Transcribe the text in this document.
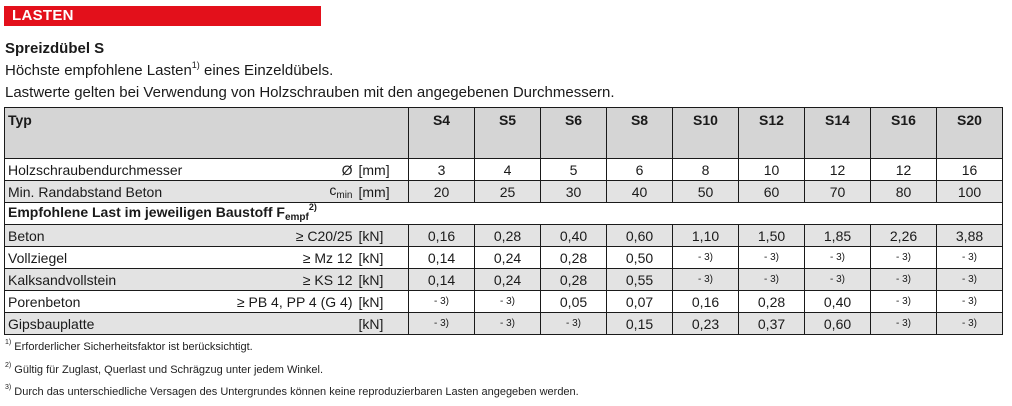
LASTEN
Spreizdübel S
Höchste empfohlene Lasten$^{1)}$ eines Einzeldübels.
Lastwerte gelten bei Verwendung von Holzschrauben mit den angegebenen Durchmessern.
Typ			S4	S5	S6	S8	S10	S12	S14	S16	S20
Holzschraubendurchmesser	Ø	[mm]	3	4	5	6	8	10	12	12	16
Min. Randabstand Beton	$c_{min}$	[mm]	20	25	30	40	50	60	70	80	100
Empfohlene Last im jeweiligen Baustoff $F_{empf}^{2)}$
Beton	≥ C20/25	[kN]	0,16	0,28	0,40	0,60	1,10	1,50	1,85	2,26	3,88
Vollziegel	≥ Mz 12	[kN]	0,14	0,24	0,28	0,50	- 3)	- 3)	- 3)	- 3)	- 3)
Kalksandvollstein	≥ KS 12	[kN]	0,14	0,24	0,28	0,55	- 3)	- 3)	- 3)	- 3)	- 3)
Porenbeton	≥ PB 4, PP 4 (G 4)	[kN]	- 3)	- 3)	0,05	0,07	0,16	0,28	0,40	- 3)	- 3)
Gipsbauplatte		[kN]	- 3)	- 3)	- 3)	0,15	0,23	0,37	0,60	- 3)	- 3)
$^{1)}$ Erforderlicher Sicherheitsfaktor ist berücksichtigt.
$^{2)}$ Gültig für Zuglast, Querlast und Schrägzug unter jedem Winkel.
$^{3)}$ Durch das unterschiedliche Versagen des Untergrundes können keine reproduzierbaren Lasten angegeben werden.
